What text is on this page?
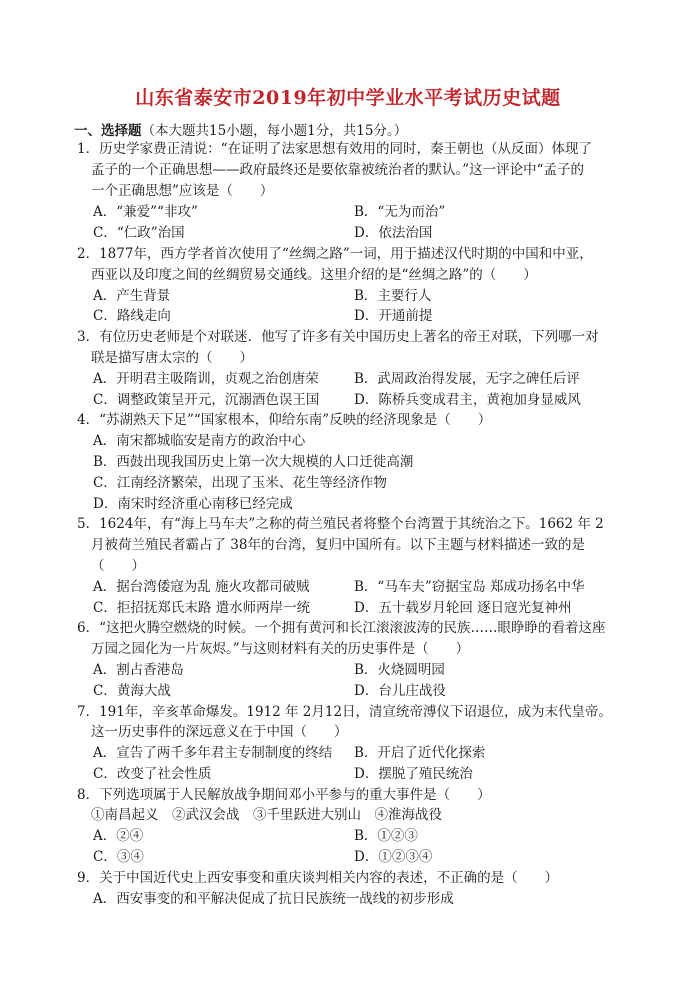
山东省泰安市2019年初中学业水平考试历史试题
一、选择题（本大题共15小题，每小题1分，共15分。）
1．历史学家费正清说：“在证明了法家思想有效用的同时，秦王朝也（从反面）体现了
孟子的一个正确思想——政府最终还是要依靠被统治者的默认。”这一评论中“孟子的
一个正确思想”应该是（　　）
A．“兼爱”“非攻”	B．“无为而治”
C．“仁政”治国	D．依法治国
2．1877年，西方学者首次使用了“丝绸之路”一词，用于描述汉代时期的中国和中亚，
西亚以及印度之间的丝绸贸易交通线。这里介绍的是“丝绸之路”的（　　）
A．产生背景	B．主要行人
C．路线走向	D．开通前提
3．有位历史老师是个对联迷．他写了许多有关中国历史上著名的帝王对联，下列哪一对
联是描写唐太宗的（　　）
A．开明君主吸隋训，贞观之治创唐荣	B．武周政治得发展，无字之碑任后评
C．调整政策呈开元，沉溺酒色误王国	D．陈桥兵变成君主，黄袍加身显威风
4．“苏湖熟天下足”“国家根本，仰给东南”反映的经济现象是（　　）
A．南宋都城临安是南方的政治中心
B．西鼓出现我国历史上第一次大规模的人口迁徙高潮
C．江南经济繁荣，出现了玉米、花生等经济作物
D．南宋时经济重心南移已经完成
5．1624年，有“海上马车夫”之称的荷兰殖民者将整个台湾置于其统治之下。1662 年 2
月被荷兰殖民者霸占了 38年的台湾，复归中国所有。以下主题与材料描述一致的是
（　　）
A．据台湾倭寇为乱 施火攻都司破贼	B．“马车夫”窃据宝岛 郑成功扬名中华
C．拒招抚郑氏末路 遣水师两岸一统	D．五十载岁月轮回 逐日寇光复神州
6．“这把火腾空燃烧的时候。一个拥有黄河和长江滚滚波涛的民族……眼睁睁的看着这座
万园之园化为一片灰烬。”与这则材料有关的历史事件是（　　）
A．割占香港岛	B．火烧圆明园
C．黄海大战	D．台儿庄战役
7．191年，辛亥革命爆发。1912 年 2月12日，清宣统帝溥仪下诏退位，成为末代皇帝。
这一历史事件的深远意义在于中国（　　）
A．宣告了两千多年君主专制制度的终结 B．开启了近代化探索
C．改变了社会性质	D．摆脱了殖民统治
8．下列选项属于人民解放战争期间邓小平参与的重大事件是（　　）
①南昌起义　②武汉会战　③千里跃进大别山　④淮海战役
A．②④	B．①②③
C．③④	D．①②③④
9．关于中国近代史上西安事变和重庆谈判相关内容的表述，不正确的是（　　）
A．西安事变的和平解决促成了抗日民族统一战线的初步形成
